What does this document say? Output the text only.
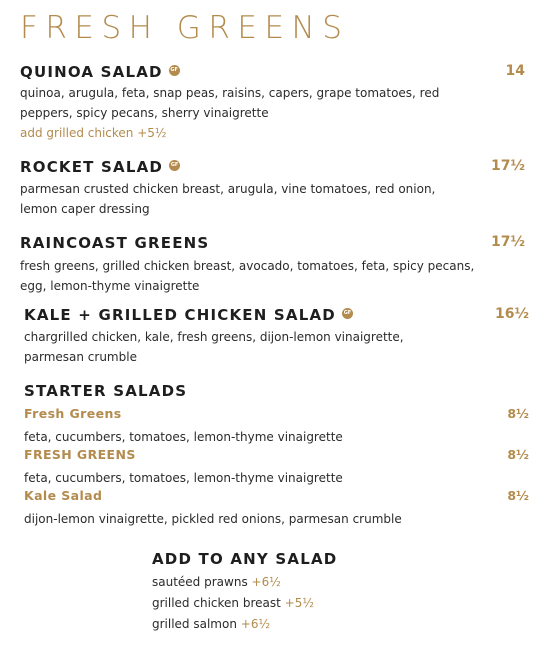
FRESH GREENS
QUINOA SALAD GF	14
quinoa, arugula, feta, snap peas, raisins, capers, grape tomatoes, red peppers, spicy pecans, sherry vinaigrette
add grilled chicken +5½
ROCKET SALAD GF	17½
parmesan crusted chicken breast, arugula, vine tomatoes, red onion, lemon caper dressing
RAINCOAST GREENS	17½
fresh greens, grilled chicken breast, avocado, tomatoes, feta, spicy pecans, egg, lemon-thyme vinaigrette
KALE + GRILLED CHICKEN SALAD GF	16½
chargrilled chicken, kale, fresh greens, dijon-lemon vinaigrette, parmesan crumble
STARTER SALADS
Fresh Greens	8½
feta, cucumbers, tomatoes, lemon-thyme vinaigrette
FRESH GREENS	8½
feta, cucumbers, tomatoes, lemon-thyme vinaigrette
Kale Salad	8½
dijon-lemon vinaigrette, pickled red onions, parmesan crumble
ADD TO ANY SALAD
sautéed prawns +6½
grilled chicken breast +5½
grilled salmon +6½
